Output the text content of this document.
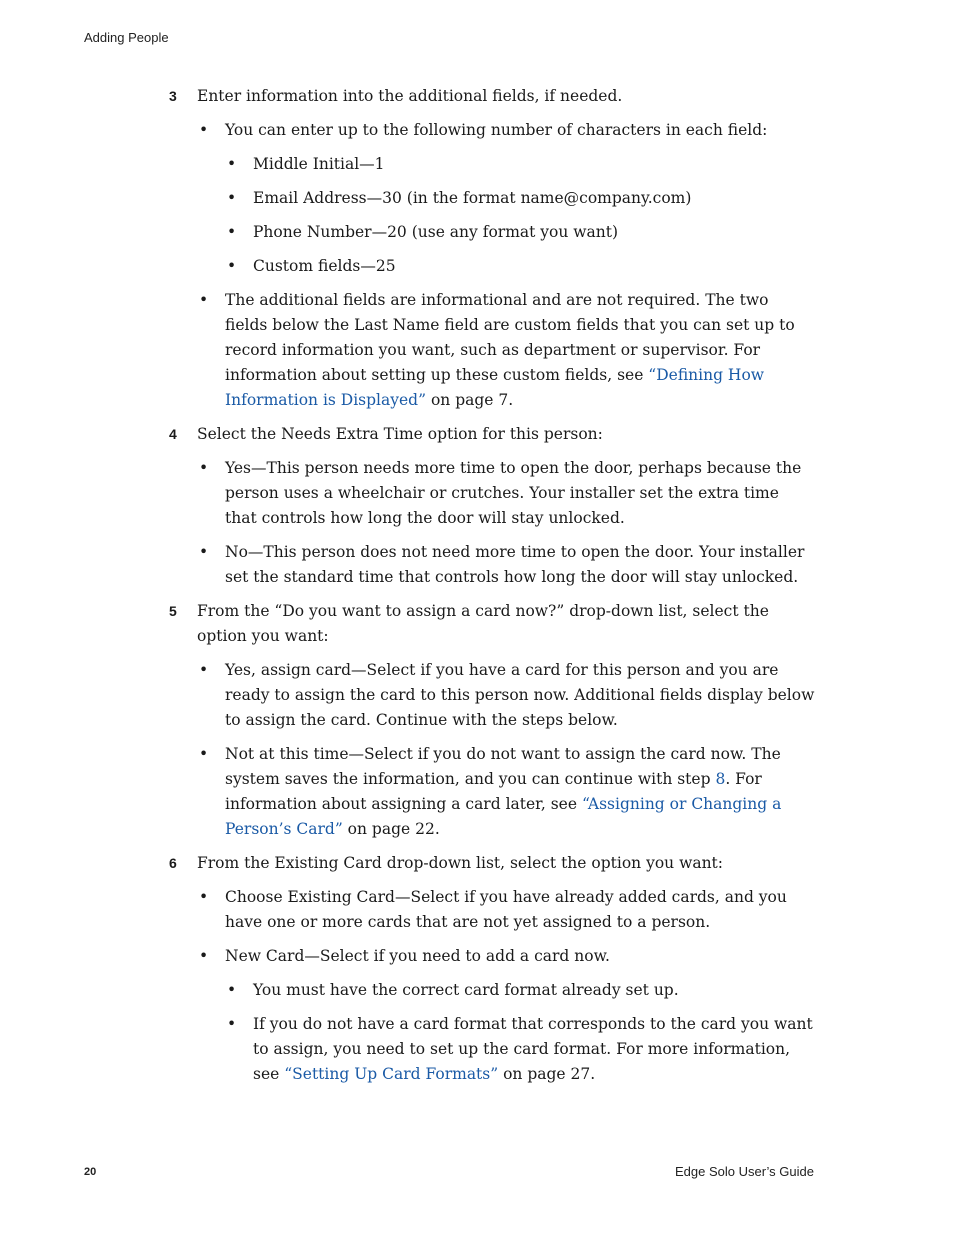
Adding People
3 Enter information into the additional fields, if needed.
• You can enter up to the following number of characters in each field:
• Middle Initial—1
• Email Address—30 (in the format name@company.com)
• Phone Number—20 (use any format you want)
• Custom fields—25
• The additional fields are informational and are not required. The two fields below the Last Name field are custom fields that you can set up to record information you want, such as department or supervisor. For information about setting up these custom fields, see “Defining How Information is Displayed” on page 7.
4 Select the Needs Extra Time option for this person:
• Yes—This person needs more time to open the door, perhaps because the person uses a wheelchair or crutches. Your installer set the extra time that controls how long the door will stay unlocked.
• No—This person does not need more time to open the door. Your installer set the standard time that controls how long the door will stay unlocked.
5 From the “Do you want to assign a card now?” drop-down list, select the option you want:
• Yes, assign card—Select if you have a card for this person and you are ready to assign the card to this person now. Additional fields display below to assign the card. Continue with the steps below.
• Not at this time—Select if you do not want to assign the card now. The system saves the information, and you can continue with step 8. For information about assigning a card later, see “Assigning or Changing a Person’s Card” on page 22.
6 From the Existing Card drop-down list, select the option you want:
• Choose Existing Card—Select if you have already added cards, and you have one or more cards that are not yet assigned to a person.
• New Card—Select if you need to add a card now.
• You must have the correct card format already set up.
• If you do not have a card format that corresponds to the card you want to assign, you need to set up the card format. For more information, see “Setting Up Card Formats” on page 27.
20	Edge Solo User’s Guide
